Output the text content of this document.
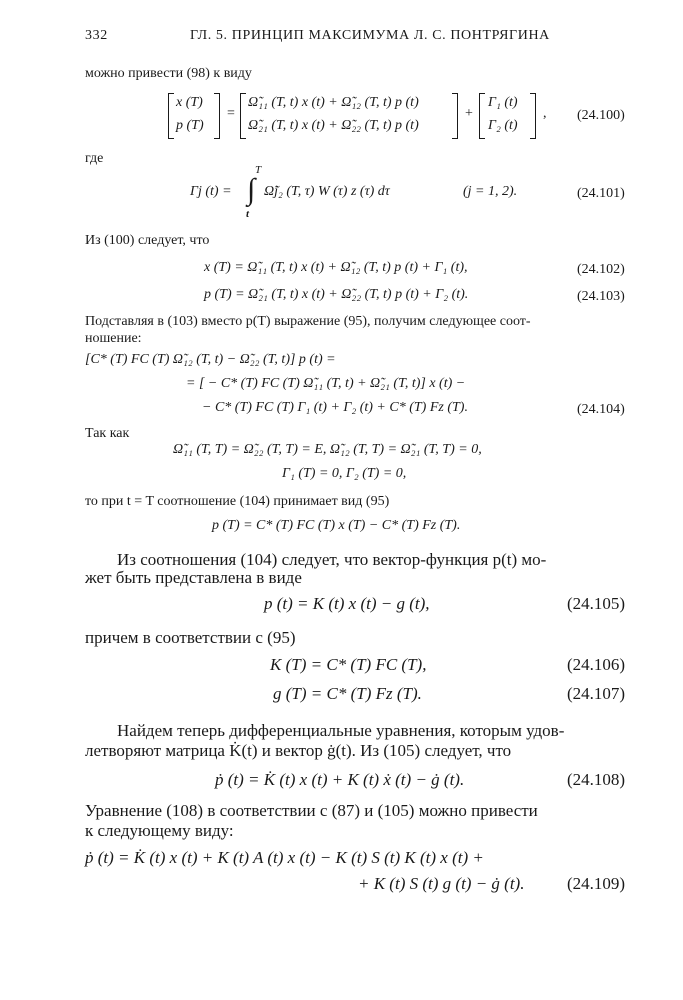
332	ГЛ. 5. ПРИНЦИП МАКСИМУМА Л. С. ПОНТРЯГИНА
можно привести (98) к виду
x (T)
p (T)
=
Ω̃₁₁ (T, t) x (t) + Ω̃₁₂ (T, t) p (t)
Ω̃₂₁ (T, t) x (t) + Ω̃₂₂ (T, t) p (t)
+
Γ₁ (t)
Γ₂ (t)
, (24.100)
где
Γj (t) =
T
∫
t
Ω̃j₂ (T, τ) W (τ) z (τ) dτ	(j = 1, 2).	(24.101)
Из (100) следует, что
x (T) = Ω̃₁₁ (T, t) x (t) + Ω̃₁₂ (T, t) p (t) + Γ₁ (t),	(24.102)
p (T) = Ω̃₂₁ (T, t) x (t) + Ω̃₂₂ (T, t) p (t) + Γ₂ (t).	(24.103)
Подставляя в (103) вместо p(T) выражение (95), получим следующее соот-
ношение:
[C* (T) FC (T) Ω̃₁₂ (T, t) − Ω̃₂₂ (T, t)] p (t) =
= [ − C* (T) FC (T) Ω̃₁₁ (T, t) + Ω̃₂₁ (T, t)] x (t) −
− C* (T) FC (T) Γ₁ (t) + Γ₂ (t) + C* (T) Fz (T).	(24.104)
Так как
Ω̃₁₁ (T, T) = Ω̃₂₂ (T, T) = E, Ω̃₁₂ (T, T) = Ω̃₂₁ (T, T) = 0,
Γ₁ (T) = 0, Γ₂ (T) = 0,
то при t = T соотношение (104) принимает вид (95)
p (T) = C* (T) FC (T) x (T) − C* (T) Fz (T).
Из соотношения (104) следует, что вектор-функция p(t) мо-
жет быть представлена в виде
p (t) = K (t) x (t) − g (t),	(24.105)
причем в соответствии с (95)
K (T) = C* (T) FC (T),	(24.106)
g (T) = C* (T) Fz (T).	(24.107)
Найдем теперь дифференциальные уравнения, которым удов-
летворяют матрица K̇(t) и вектор ġ(t). Из (105) следует, что
ṗ (t) = K̇ (t) x (t) + K (t) ẋ (t) − ġ (t).	(24.108)
Уравнение (108) в соответствии с (87) и (105) можно привести
к следующему виду:
ṗ (t) = K̇ (t) x (t) + K (t) A (t) x (t) − K (t) S (t) K (t) x (t) +
+ K (t) S (t) g (t) − ġ (t).	(24.109)
